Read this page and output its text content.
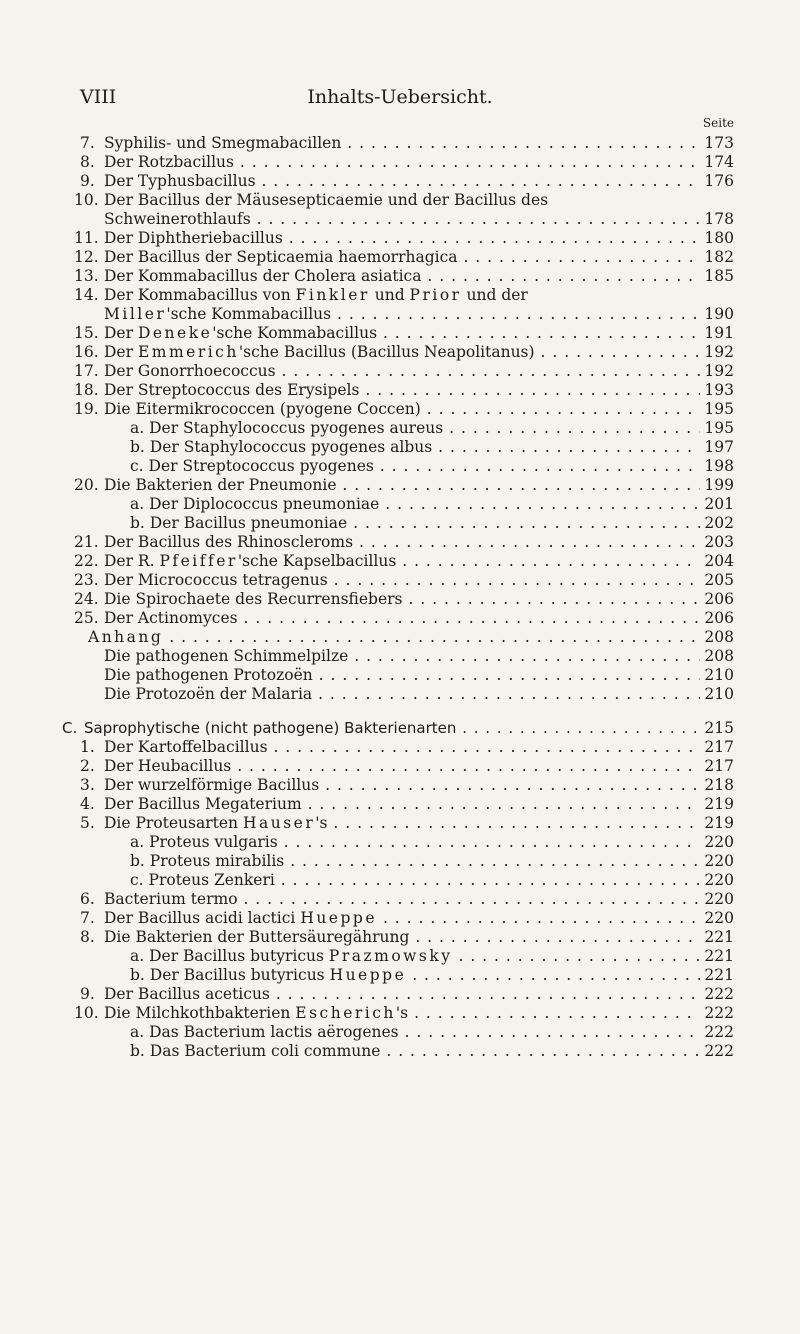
VIII	Inhalts-Uebersicht.
Seite
7. Syphilis- und Smegmabacillen . . .	173
8. Der Rotzbacillus . . .	174
9. Der Typhusbacillus . . .	176
10. Der Bacillus der Mäusesepticaemie und der Bacillus des
Schweinerothlaufs . . .	178
11. Der Diphtheriebacillus . . .	180
12. Der Bacillus der Septicaemia haemorrhagica . . .	182
13. Der Kommabacillus der Cholera asiatica . . .	185
14. Der Kommabacillus von Finkler und Prior und der
Miller'sche Kommabacillus . . .	190
15. Der Deneke'sche Kommabacillus . . .	191
16. Der Emmerich'sche Bacillus (Bacillus Neapolitanus) . . .	192
17. Der Gonorrhoecoccus . . .	192
18. Der Streptococcus des Erysipels . . .	193
19. Die Eitermikrococcen (pyogene Coccen) . . .	195
a. Der Staphylococcus pyogenes aureus . . .	195
b. Der Staphylococcus pyogenes albus . . .	197
c. Der Streptococcus pyogenes . . .	198
20. Die Bakterien der Pneumonie . . .	199
a. Der Diplococcus pneumoniae . . .	201
b. Der Bacillus pneumoniae . . .	202
21. Der Bacillus des Rhinoscleroms . . .	203
22. Der R. Pfeiffer'sche Kapselbacillus . . .	204
23. Der Micrococcus tetragenus . . .	205
24. Die Spirochaete des Recurrensfiebers . . .	206
25. Der Actinomyces . . .	206
Anhang . . .	208
Die pathogenen Schimmelpilze . . .	208
Die pathogenen Protozoën . . .	210
Die Protozoën der Malaria . . .	210
C. Saprophytische (nicht pathogene) Bakterienarten . . .	215
1. Der Kartoffelbacillus . . .	217
2. Der Heubacillus . . .	217
3. Der wurzelförmige Bacillus . . .	218
4. Der Bacillus Megaterium . . .	219
5. Die Proteusarten Hauser's . . .	219
a. Proteus vulgaris . . .	220
b. Proteus mirabilis . . .	220
c. Proteus Zenkeri . . .	220
6. Bacterium termo . . .	220
7. Der Bacillus acidi lactici Hueppe . . .	220
8. Die Bakterien der Buttersäuregährung . . .	221
a. Der Bacillus butyricus Prazmowsky . . .	221
b. Der Bacillus butyricus Hueppe . . .	221
9. Der Bacillus aceticus . . .	222
10. Die Milchkothbakterien Escherich's . . .	222
a. Das Bacterium lactis aërogenes . . .	222
b. Das Bacterium coli commune . . .	222
